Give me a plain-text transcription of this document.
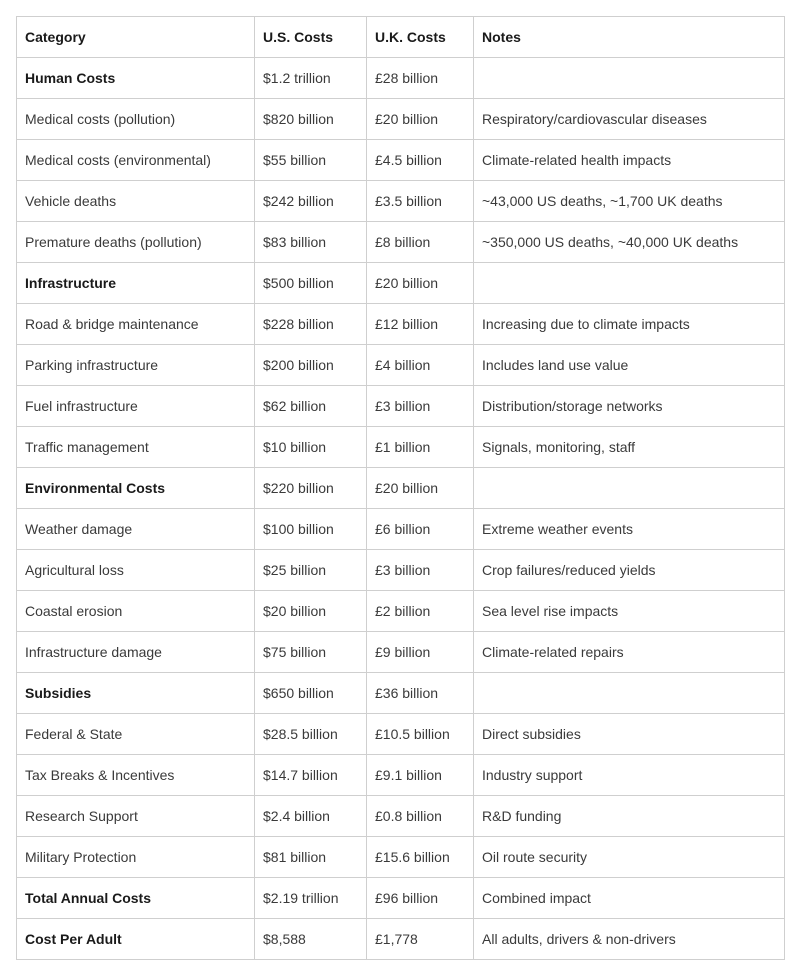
Category	U.S. Costs	U.K. Costs	Notes
Human Costs	$1.2 trillion	£28 billion	
Medical costs (pollution)	$820 billion	£20 billion	Respiratory/cardiovascular diseases
Medical costs (environmental)	$55 billion	£4.5 billion	Climate-related health impacts
Vehicle deaths	$242 billion	£3.5 billion	~43,000 US deaths, ~1,700 UK deaths
Premature deaths (pollution)	$83 billion	£8 billion	~350,000 US deaths, ~40,000 UK deaths
Infrastructure	$500 billion	£20 billion	
Road & bridge maintenance	$228 billion	£12 billion	Increasing due to climate impacts
Parking infrastructure	$200 billion	£4 billion	Includes land use value
Fuel infrastructure	$62 billion	£3 billion	Distribution/storage networks
Traffic management	$10 billion	£1 billion	Signals, monitoring, staff
Environmental Costs	$220 billion	£20 billion	
Weather damage	$100 billion	£6 billion	Extreme weather events
Agricultural loss	$25 billion	£3 billion	Crop failures/reduced yields
Coastal erosion	$20 billion	£2 billion	Sea level rise impacts
Infrastructure damage	$75 billion	£9 billion	Climate-related repairs
Subsidies	$650 billion	£36 billion	
Federal & State	$28.5 billion	£10.5 billion	Direct subsidies
Tax Breaks & Incentives	$14.7 billion	£9.1 billion	Industry support
Research Support	$2.4 billion	£0.8 billion	R&D funding
Military Protection	$81 billion	£15.6 billion	Oil route security
Total Annual Costs	$2.19 trillion	£96 billion	Combined impact
Cost Per Adult	$8,588	£1,778	All adults, drivers & non-drivers
